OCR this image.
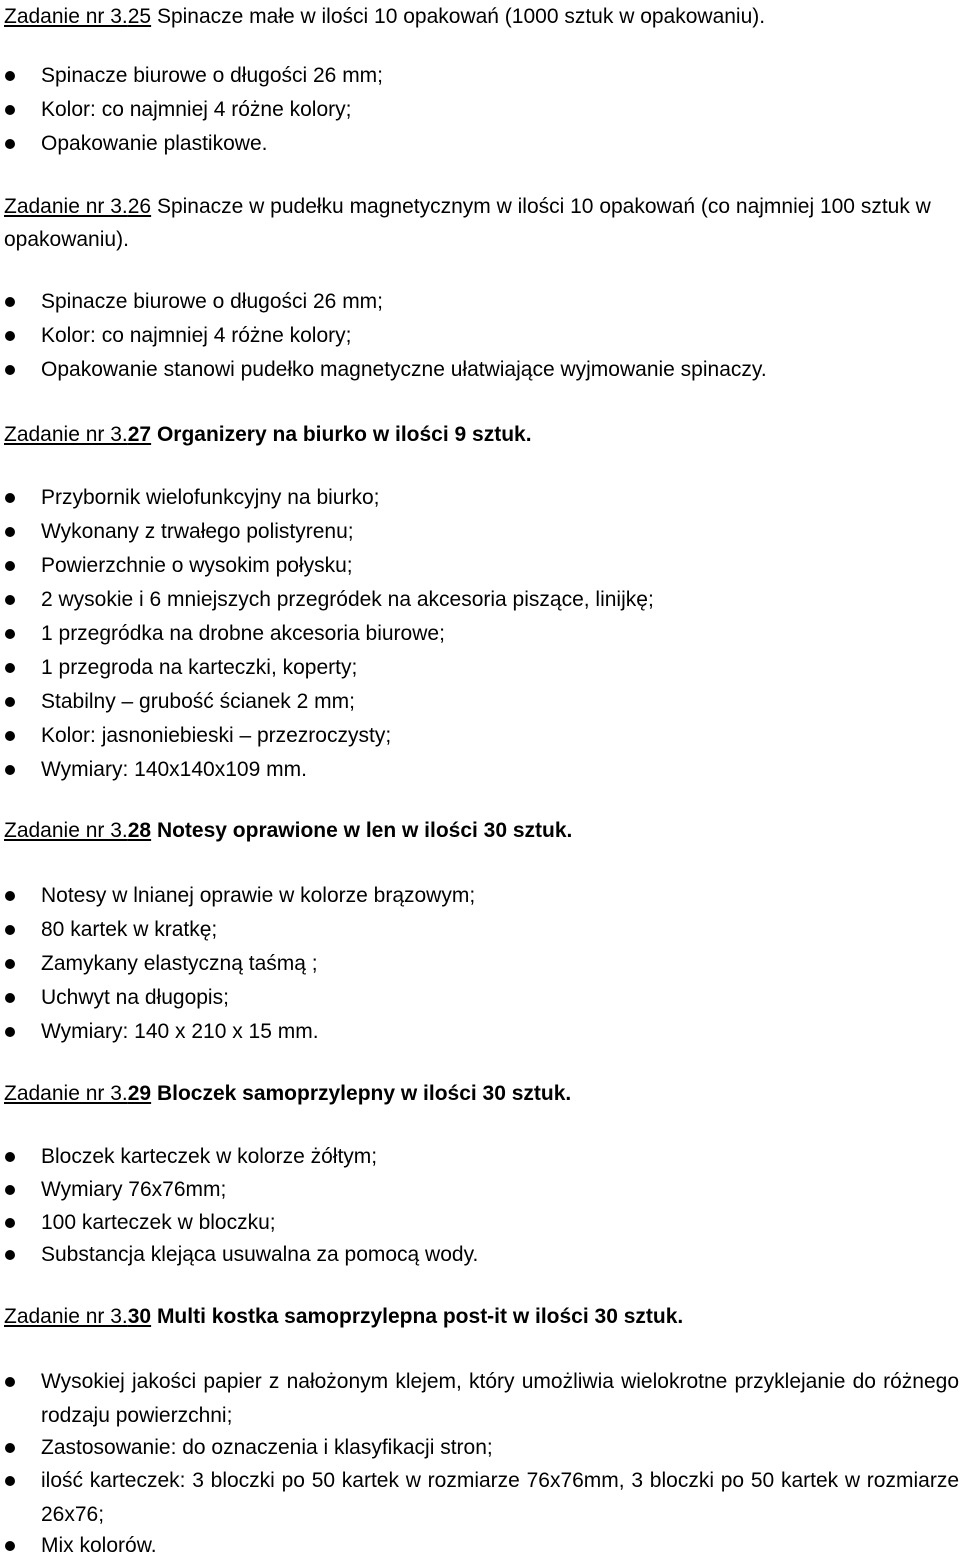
Zadanie nr 3.25 Spinacze małe w ilości 10 opakowań (1000 sztuk w opakowaniu).
Spinacze biurowe o długości 26 mm;
Kolor: co najmniej 4 różne kolory;
Opakowanie plastikowe.
Zadanie nr 3.26 Spinacze w pudełku magnetycznym w ilości 10 opakowań (co najmniej 100 sztuk w opakowaniu).
Spinacze biurowe o długości 26 mm;
Kolor: co najmniej 4 różne kolory;
Opakowanie stanowi pudełko magnetyczne ułatwiające wyjmowanie spinaczy.
Zadanie nr 3.27 Organizery na biurko w ilości 9 sztuk.
Przybornik wielofunkcyjny na biurko;
Wykonany z trwałego polistyrenu;
Powierzchnie o wysokim połysku;
2 wysokie i 6 mniejszych przegródek na akcesoria piszące, linijkę;
1 przegródka na drobne akcesoria biurowe;
1 przegroda na karteczki, koperty;
Stabilny – grubość ścianek 2 mm;
Kolor: jasnoniebieski – przezroczysty;
Wymiary: 140x140x109 mm.
Zadanie nr 3.28 Notesy oprawione w len w ilości 30 sztuk.
Notesy w lnianej oprawie w kolorze brązowym;
80 kartek w kratkę;
Zamykany elastyczną taśmą ;
Uchwyt na długopis;
Wymiary: 140 x 210 x 15 mm.
Zadanie nr 3.29 Bloczek samoprzylepny w ilości 30 sztuk.
Bloczek karteczek w kolorze żółtym;
Wymiary 76x76mm;
100 karteczek w bloczku;
Substancja klejąca usuwalna za pomocą wody.
Zadanie nr 3.30 Multi kostka samoprzylepna post-it w ilości 30 sztuk.
Wysokiej jakości papier z nałożonym klejem, który umożliwia wielokrotne przyklejanie do różnego rodzaju powierzchni;
Zastosowanie: do oznaczenia i klasyfikacji stron;
ilość karteczek: 3 bloczki po 50 kartek w rozmiarze 76x76mm, 3 bloczki po 50 kartek w rozmiarze 26x76;
Mix kolorów.
